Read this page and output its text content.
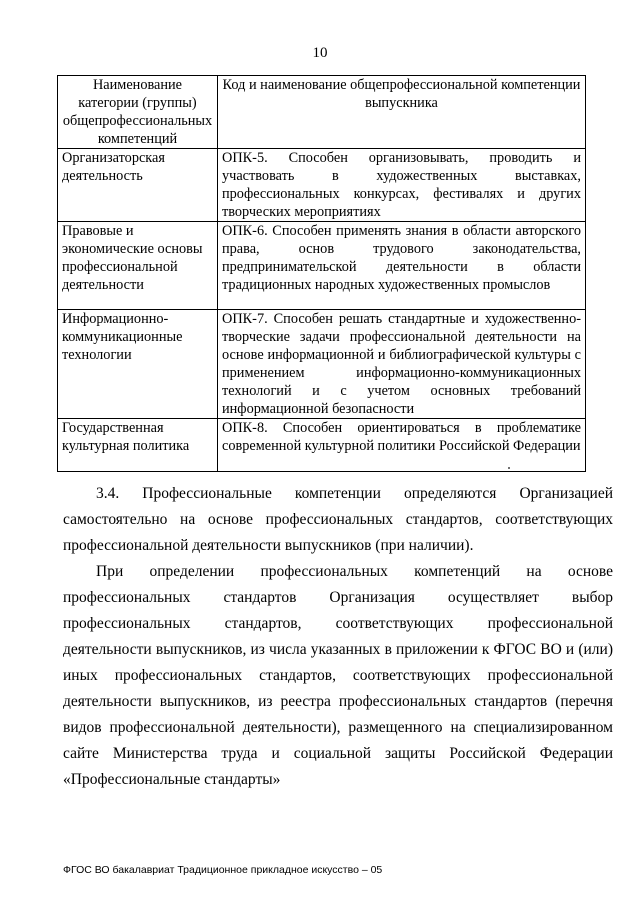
10
Наименование категории (группы) общепрофессиональных компетенций	Код и наименование общепрофессиональной компетенции выпускника
Организаторская деятельность	ОПК-5. Способен организовывать, проводить и участвовать в художественных выставках, профессиональных конкурсах, фестивалях и других творческих мероприятиях
Правовые и экономические основы профессиональной деятельности	ОПК-6. Способен применять знания в области авторского права, основ трудового законодательства, предпринимательской деятельности в области традиционных народных художественных промыслов
Информационно-коммуникационные технологии	ОПК-7. Способен решать стандартные и художественно-творческие задачи профессиональной деятельности на основе информационной и библиографической культуры с применением информационно-коммуникационных технологий и с учетом основных требований информационной безопасности
Государственная культурная политика	ОПК-8. Способен ориентироваться в проблематике современной культурной политики Российской Федерации

3.4. Профессиональные компетенции определяются Организацией самостоятельно на основе профессиональных стандартов, соответствующих профессиональной деятельности выпускников (при наличии).

При определении профессиональных компетенций на основе профессиональных стандартов Организация осуществляет выбор профессиональных стандартов, соответствующих профессиональной деятельности выпускников, из числа указанных в приложении к ФГОС ВО и (или) иных профессиональных стандартов, соответствующих профессиональной деятельности выпускников, из реестра профессиональных стандартов (перечня видов профессиональной деятельности), размещенного на специализированном сайте Министерства труда и социальной защиты Российской Федерации «Профессиональные стандарты»

ФГОС ВО бакалавриат Традиционное прикладное искусство – 05
